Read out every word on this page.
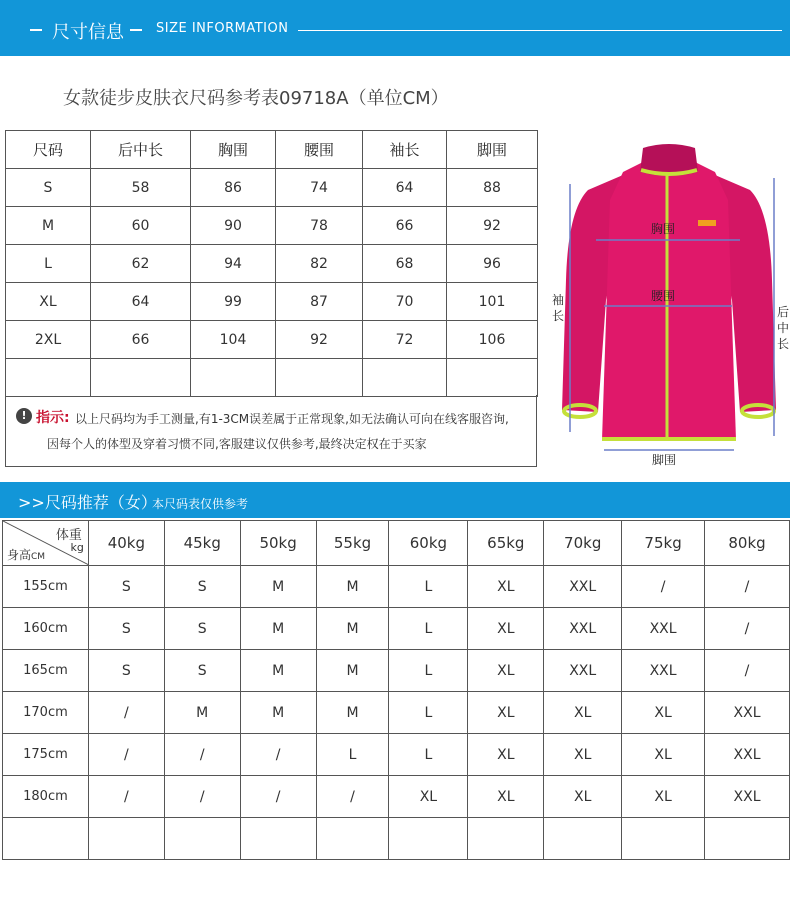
尺寸信息 SIZE INFORMATION
女款徒步皮肤衣尺码参考表09718A（单位CM）
尺码	后中长	胸围	腰围	袖长	脚围
S	58	86	74	64	88
M	60	90	78	66	92
L	62	94	82	68	96
XL	64	99	87	70	101
2XL	66	104	92	72	106

! 指示: 以上尺码均为手工测量,有1-3CM误差属于正常现象,如无法确认可向在线客服咨询,
因每个人的体型及穿着习惯不同,客服建议仅供参考,最终决定权在于买家
胸围
腰围
袖
长	后
中
长
脚围
>>尺码推荐（女）
本尺码表仅供参考
体重
kg
身高CM	40kg	45kg	50kg	55kg	60kg	65kg	70kg	75kg	80kg
155cm	S	S	M	M	L	XL	XXL	/	/
160cm	S	S	M	M	L	XL	XXL	XXL	/
165cm	S	S	M	M	L	XL	XXL	XXL	/
170cm	/	M	M	M	L	XL	XL	XL	XXL
175cm	/	/	/	L	L	XL	XL	XL	XXL
180cm	/	/	/	/	XL	XL	XL	XL	XXL
